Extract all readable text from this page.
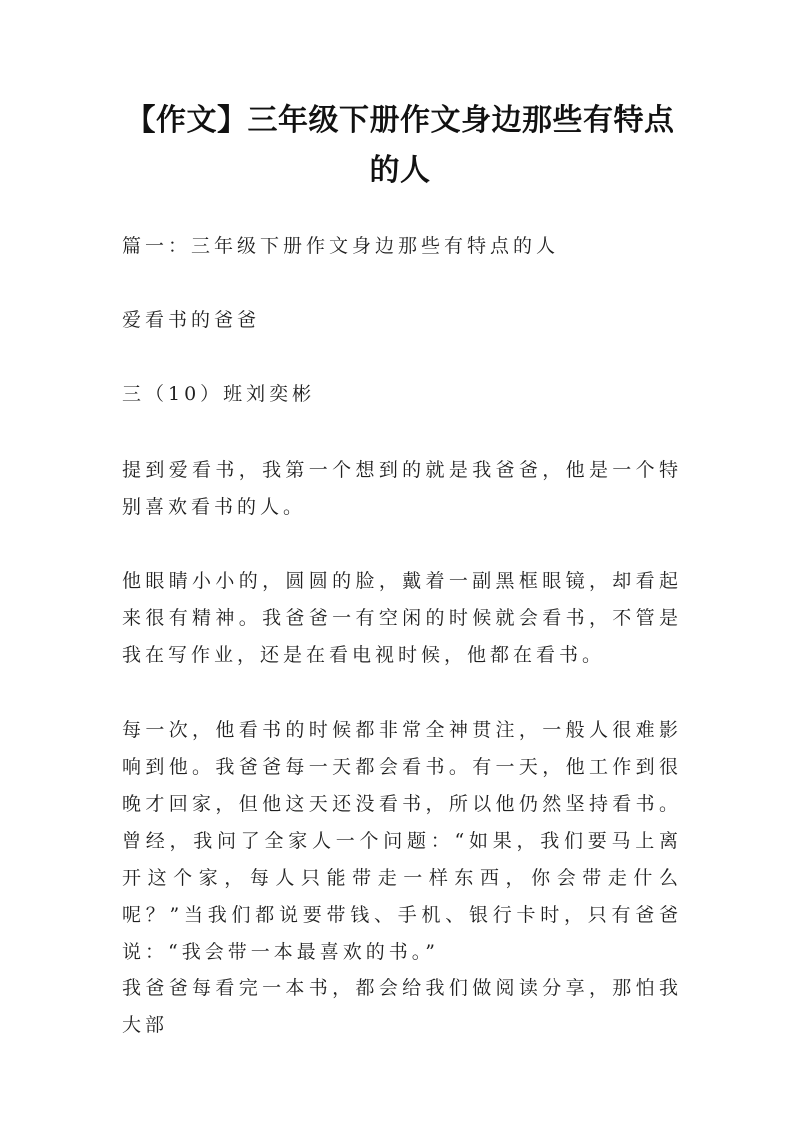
【作文】三年级下册作文身边那些有特点的人

篇一：三年级下册作文身边那些有特点的人

爱看书的爸爸

三（10）班刘奕彬

提到爱看书，我第一个想到的就是我爸爸，他是一个特别喜欢看书的人。

他眼睛小小的，圆圆的脸，戴着一副黑框眼镜，却看起来很有精神。我爸爸一有空闲的时候就会看书，不管是我在写作业，还是在看电视时候，他都在看书。

每一次，他看书的时候都非常全神贯注，一般人很难影响到他。我爸爸每一天都会看书。有一天，他工作到很晚才回家，但他这天还没看书，所以他仍然坚持看书。曾经，我问了全家人一个问题：“如果，我们要马上离开这个家，每人只能带走一样东西，你会带走什么呢？”当我们都说要带钱、手机、银行卡时，只有爸爸说：“我会带一本最喜欢的书。”

我爸爸每看完一本书，都会给我们做阅读分享，那怕我大部
